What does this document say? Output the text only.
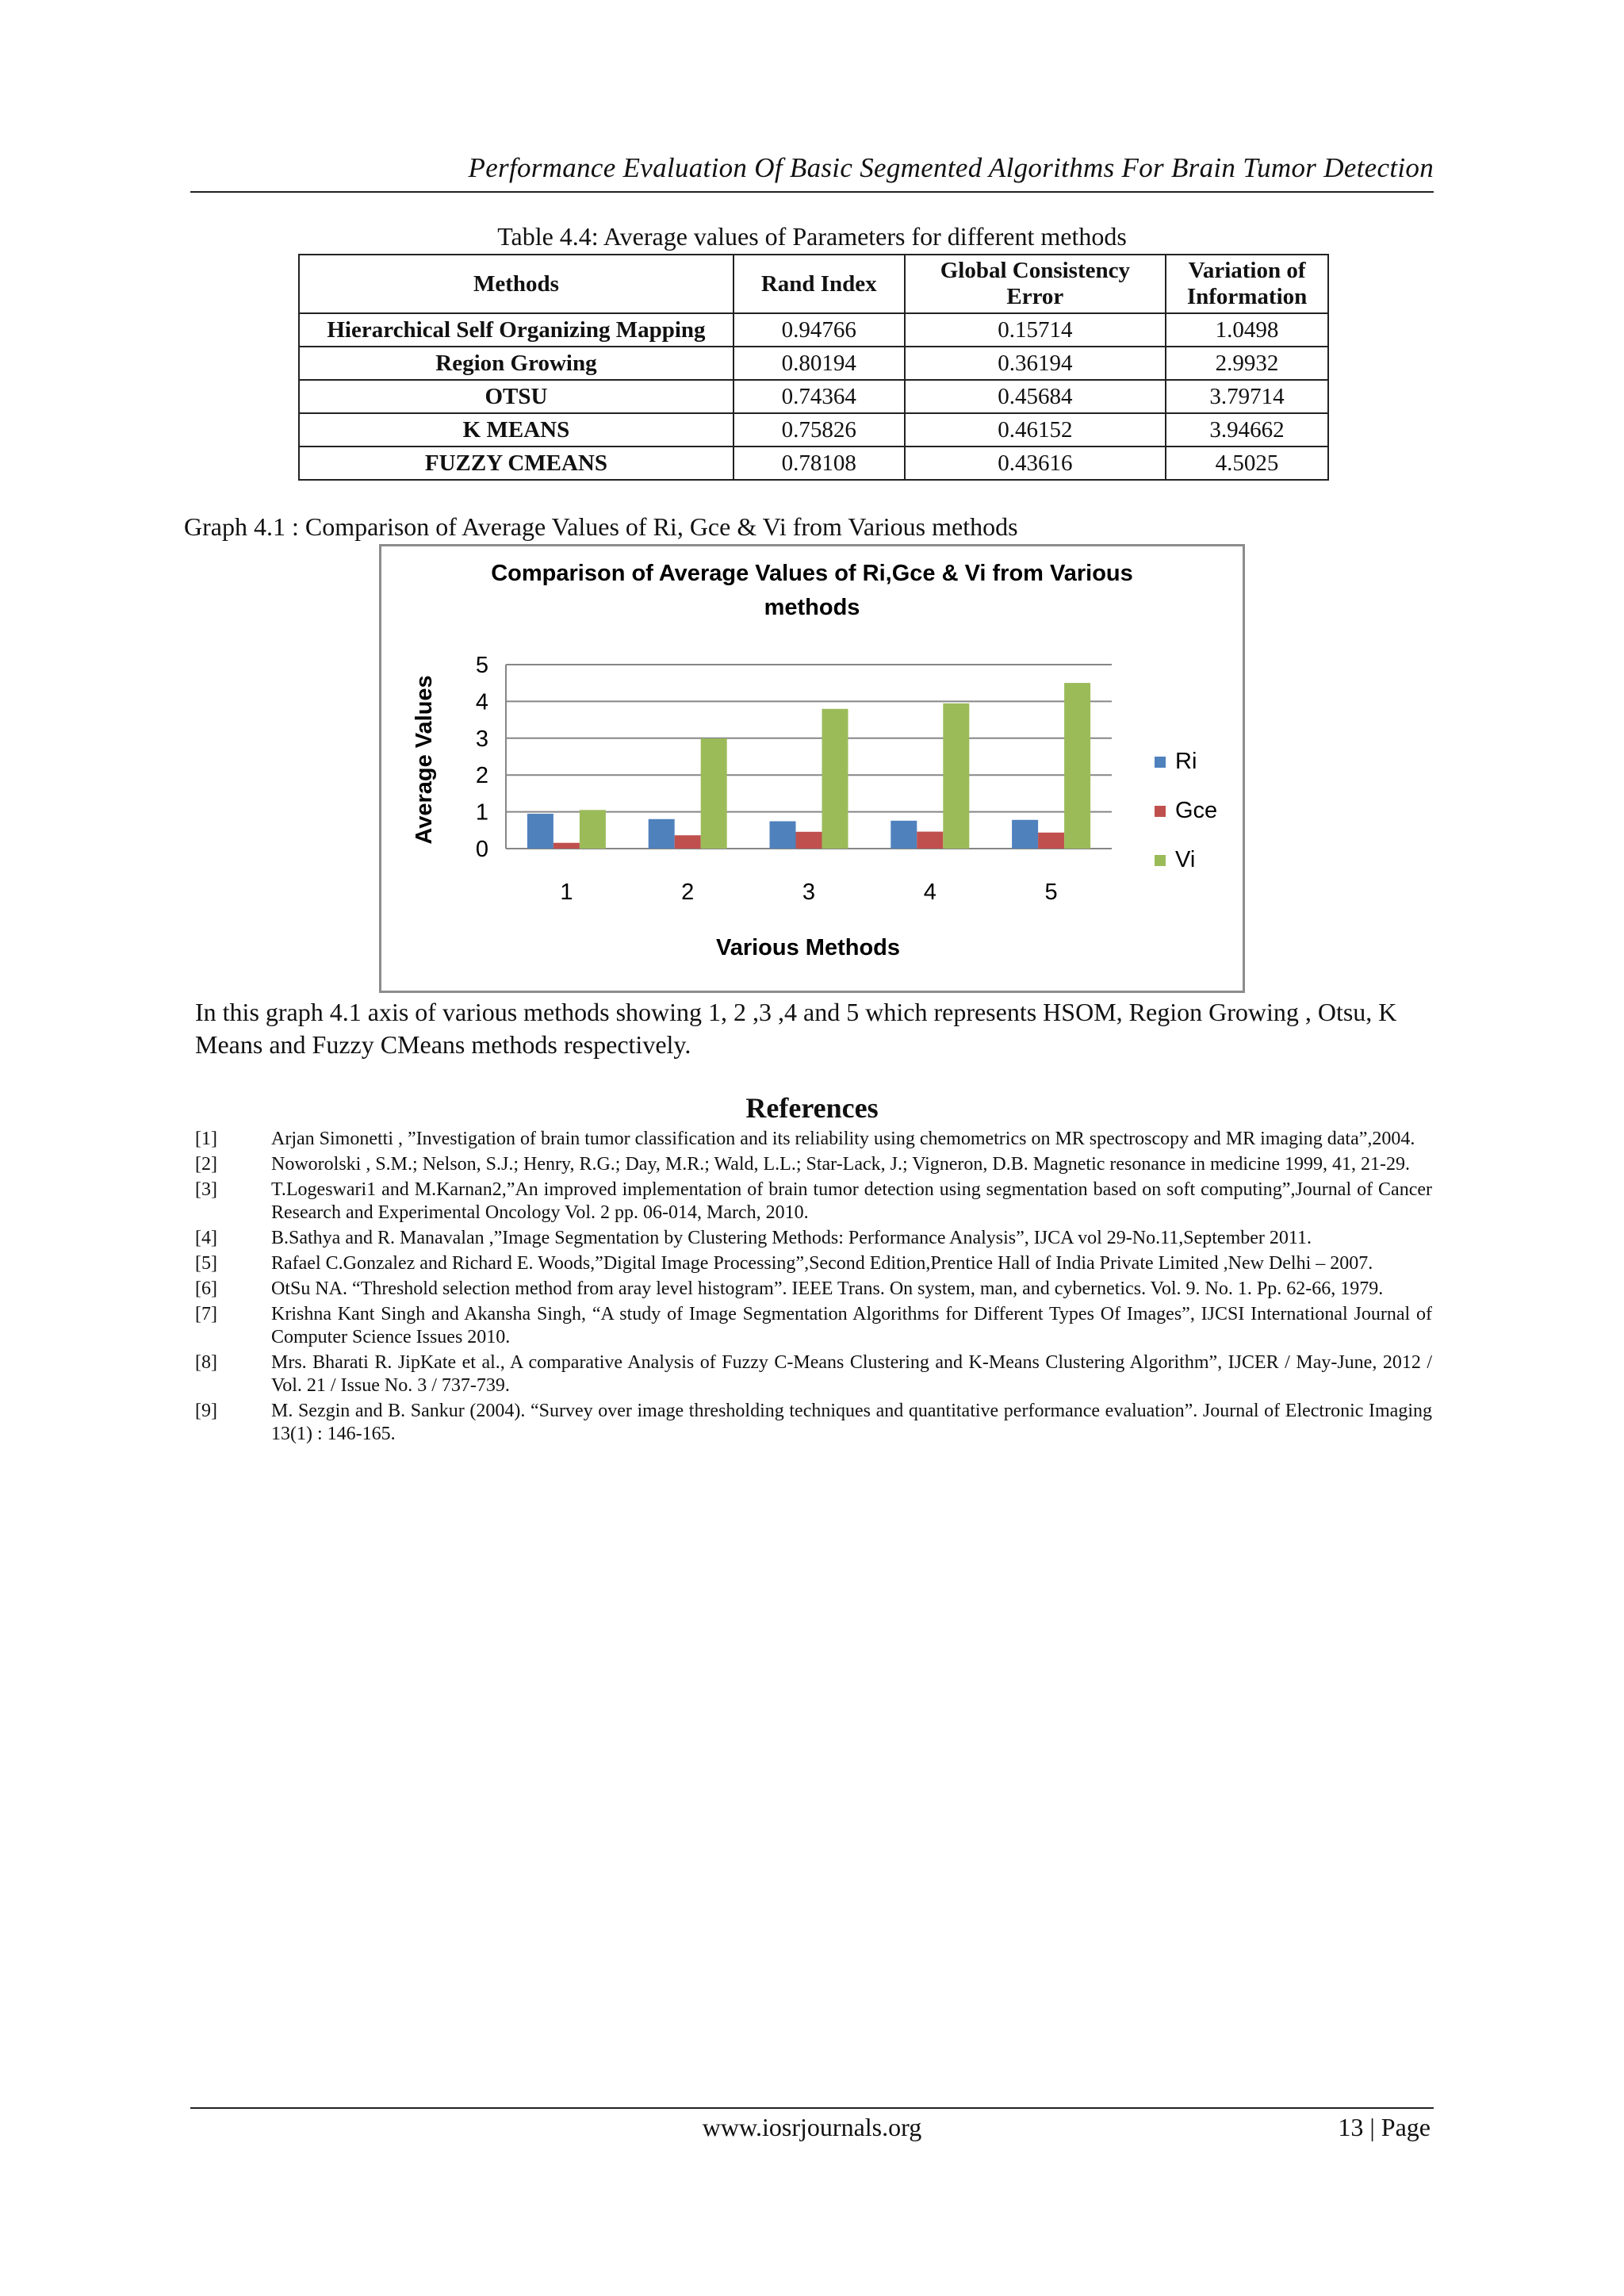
Performance Evaluation Of Basic Segmented Algorithms For Brain Tumor Detection
Table 4.4: Average values of Parameters for different methods
Methods	Rand Index	Global Consistency Error	Variation of Information
Hierarchical Self Organizing Mapping	0.94766	0.15714	1.0498
Region Growing	0.80194	0.36194	2.9932
OTSU	0.74364	0.45684	3.79714
K MEANS	0.75826	0.46152	3.94662
FUZZY CMEANS	0.78108	0.43616	4.5025
Graph 4.1 : Comparison of Average Values of Ri, Gce & Vi from Various methods
Comparison of Average Values of Ri,Gce & Vi from Various
methods
0
1
2
3
4
5
1	2	3	4	5
Average Values
Various Methods
Ri
Gce
Vi
In this graph 4.1 axis of various methods showing 1, 2 ,3 ,4 and 5 which represents HSOM, Region Growing , Otsu, K Means and Fuzzy CMeans methods respectively.
References
[1]	Arjan Simonetti , ”Investigation of brain tumor classification and its reliability using chemometrics on MR spectroscopy and MR imaging data”,2004.
[2]	Noworolski , S.M.; Nelson, S.J.; Henry, R.G.; Day, M.R.; Wald, L.L.; Star-Lack, J.; Vigneron, D.B. Magnetic resonance in medicine 1999, 41, 21-29.
[3]	T.Logeswari1 and M.Karnan2,”An improved implementation of brain tumor detection using segmentation based on soft computing”,Journal of Cancer Research and Experimental Oncology Vol. 2 pp. 06-014, March, 2010.
[4]	B.Sathya and R. Manavalan ,”Image Segmentation by Clustering Methods: Performance Analysis”, IJCA vol 29-No.11,September 2011.
[5]	Rafael C.Gonzalez and Richard E. Woods,”Digital Image Processing”,Second Edition,Prentice Hall of India Private Limited ,New Delhi – 2007.
[6]	OtSu NA. “Threshold selection method from aray level histogram”. IEEE Trans. On system, man, and cybernetics. Vol. 9. No. 1. Pp. 62-66, 1979.
[7]	Krishna Kant Singh and Akansha Singh, “A study of Image Segmentation Algorithms for Different Types Of Images”, IJCSI International Journal of Computer Science Issues 2010.
[8]	Mrs. Bharati R. JipKate et al., A comparative Analysis of Fuzzy C-Means Clustering and K-Means Clustering Algorithm”, IJCER / May-June, 2012 / Vol. 21 / Issue No. 3 / 737-739.
[9]	M. Sezgin and B. Sankur (2004). “Survey over image thresholding techniques and quantitative performance evaluation”. Journal of Electronic Imaging 13(1) : 146-165.
www.iosrjournals.org	13 | Page
